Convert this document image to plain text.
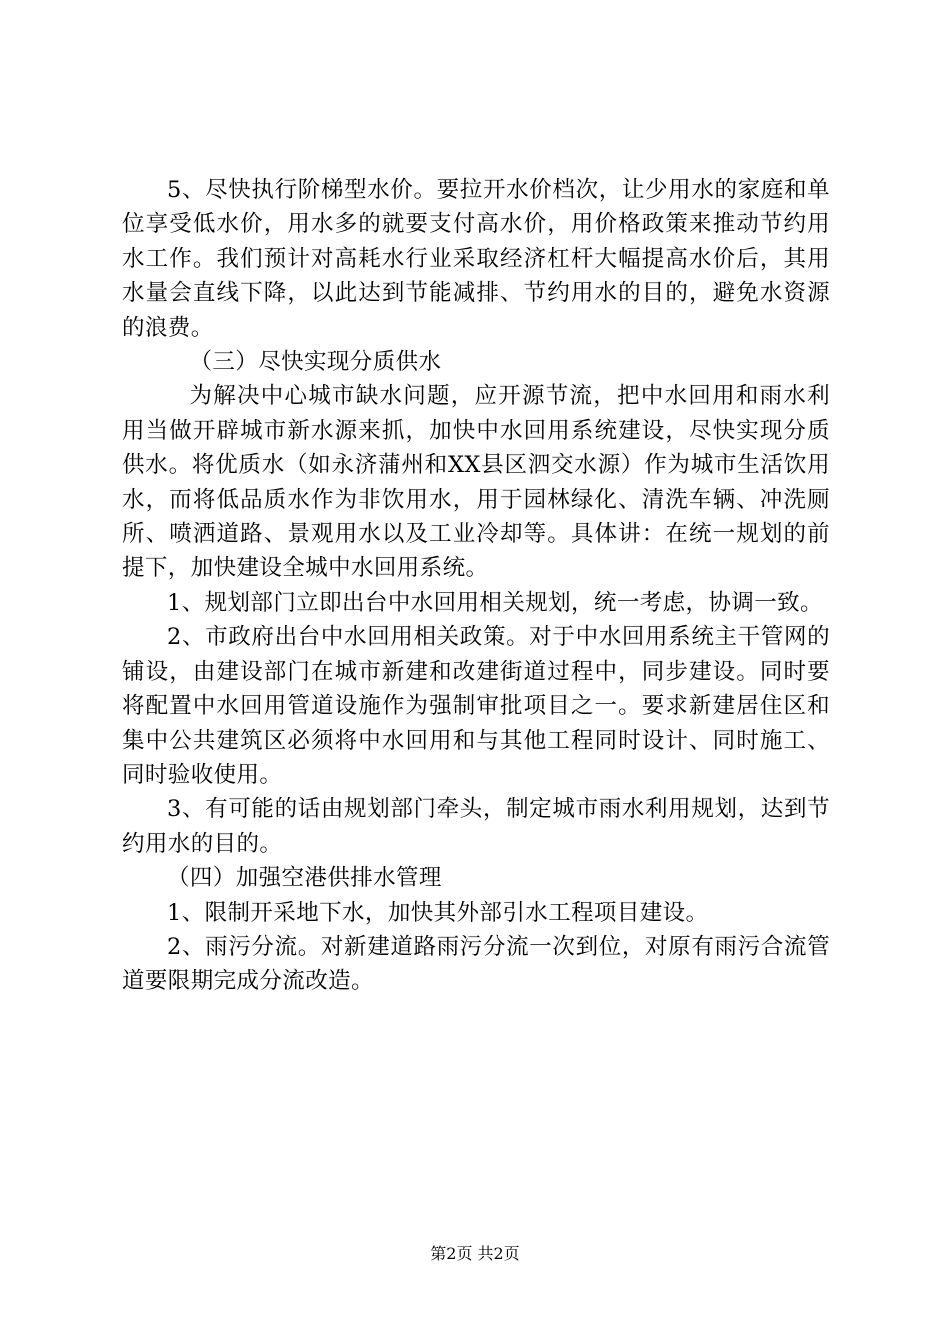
5、尽快执行阶梯型水价。要拉开水价档次，让少用水的家庭和单位享受低水价，用水多的就要支付高水价，用价格政策来推动节约用水工作。我们预计对高耗水行业采取经济杠杆大幅提高水价后，其用水量会直线下降，以此达到节能减排、节约用水的目的，避免水资源的浪费。

（三）尽快实现分质供水

为解决中心城市缺水问题，应开源节流，把中水回用和雨水利用当做开辟城市新水源来抓，加快中水回用系统建设，尽快实现分质供水。将优质水（如永济蒲州和XX县区泗交水源）作为城市生活饮用水，而将低品质水作为非饮用水，用于园林绿化、清洗车辆、冲洗厕所、喷洒道路、景观用水以及工业冷却等。具体讲：在统一规划的前提下，加快建设全城中水回用系统。

1、规划部门立即出台中水回用相关规划，统一考虑，协调一致。

2、市政府出台中水回用相关政策。对于中水回用系统主干管网的铺设，由建设部门在城市新建和改建街道过程中，同步建设。同时要将配置中水回用管道设施作为强制审批项目之一。要求新建居住区和集中公共建筑区必须将中水回用和与其他工程同时设计、同时施工、同时验收使用。

3、有可能的话由规划部门牵头，制定城市雨水利用规划，达到节约用水的目的。

（四）加强空港供排水管理

1、限制开采地下水，加快其外部引水工程项目建设。

2、雨污分流。对新建道路雨污分流一次到位，对原有雨污合流管道要限期完成分流改造。

第2页 共2页
